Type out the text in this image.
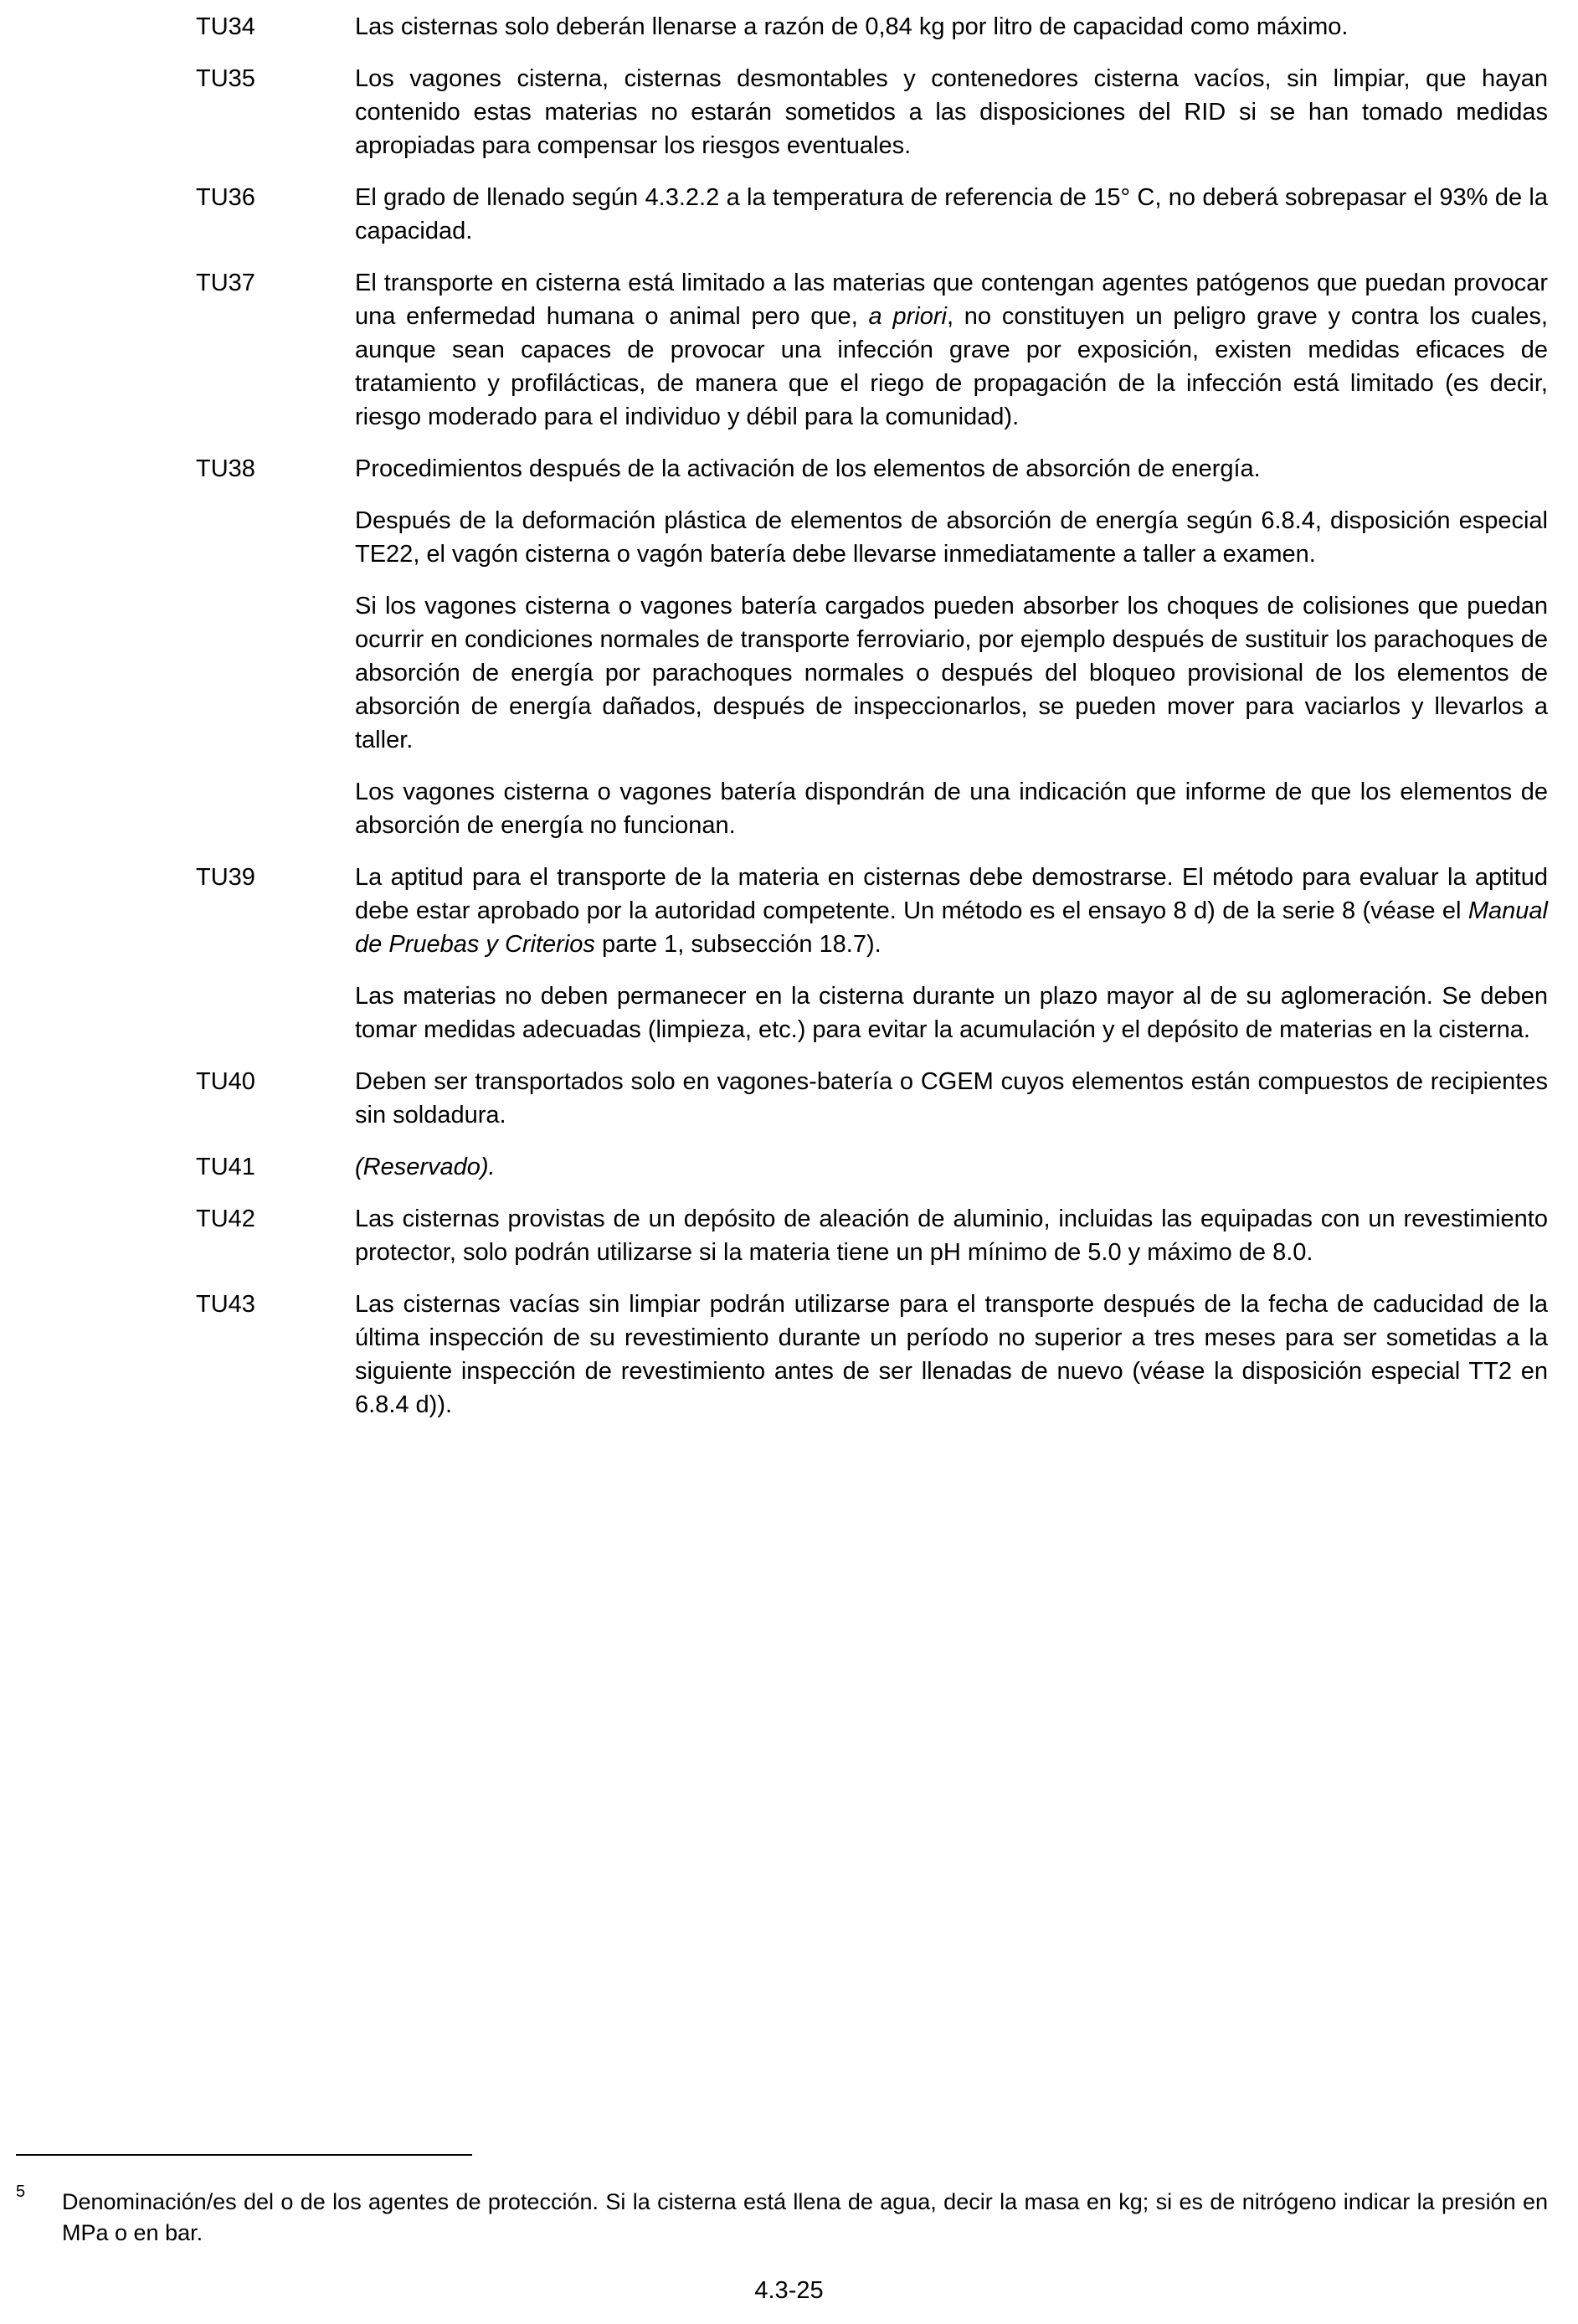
TU34	Las cisternas solo deberán llenarse a razón de 0,84 kg por litro de capacidad como máximo.

TU35	Los vagones cisterna, cisternas desmontables y contenedores cisterna vacíos, sin limpiar, que hayan contenido estas materias no estarán sometidos a las disposiciones del RID si se han tomado medidas apropiadas para compensar los riesgos eventuales.

TU36	El grado de llenado según 4.3.2.2 a la temperatura de referencia de 15° C, no deberá sobrepasar el 93% de la capacidad.

TU37	El transporte en cisterna está limitado a las materias que contengan agentes patógenos que puedan provocar una enfermedad humana o animal pero que, a priori, no constituyen un peligro grave y contra los cuales, aunque sean capaces de provocar una infección grave por exposición, existen medidas eficaces de tratamiento y profilácticas, de manera que el riego de propagación de la infección está limitado (es decir, riesgo moderado para el individuo y débil para la comunidad).

TU38	Procedimientos después de la activación de los elementos de absorción de energía.

Después de la deformación plástica de elementos de absorción de energía según 6.8.4, disposición especial TE22, el vagón cisterna o vagón batería debe llevarse inmediatamente a taller a examen.

Si los vagones cisterna o vagones batería cargados pueden absorber los choques de colisiones que puedan ocurrir en condiciones normales de transporte ferroviario, por ejemplo después de sustituir los parachoques de absorción de energía por parachoques normales o después del bloqueo provisional de los elementos de absorción de energía dañados, después de inspeccionarlos, se pueden mover para vaciarlos y llevarlos a taller.

Los vagones cisterna o vagones batería dispondrán de una indicación que informe de que los elementos de absorción de energía no funcionan.

TU39	La aptitud para el transporte de la materia en cisternas debe demostrarse. El método para evaluar la aptitud debe estar aprobado por la autoridad competente. Un método es el ensayo 8 d) de la serie 8 (véase el Manual de Pruebas y Criterios parte 1, subsección 18.7).

Las materias no deben permanecer en la cisterna durante un plazo mayor al de su aglomeración. Se deben tomar medidas adecuadas (limpieza, etc.) para evitar la acumulación y el depósito de materias en la cisterna.

TU40	Deben ser transportados solo en vagones-batería o CGEM cuyos elementos están compuestos de recipientes sin soldadura.

TU41	(Reservado).

TU42	Las cisternas provistas de un depósito de aleación de aluminio, incluidas las equipadas con un revestimiento protector, solo podrán utilizarse si la materia tiene un pH mínimo de 5.0 y máximo de 8.0.

TU43	Las cisternas vacías sin limpiar podrán utilizarse para el transporte después de la fecha de caducidad de la última inspección de su revestimiento durante un período no superior a tres meses para ser sometidas a la siguiente inspección de revestimiento antes de ser llenadas de nuevo (véase la disposición especial TT2 en 6.8.4 d)).

5 Denominación/es del o de los agentes de protección. Si la cisterna está llena de agua, decir la masa en kg; si es de nitrógeno indicar la presión en MPa o en bar.
4.3-25
